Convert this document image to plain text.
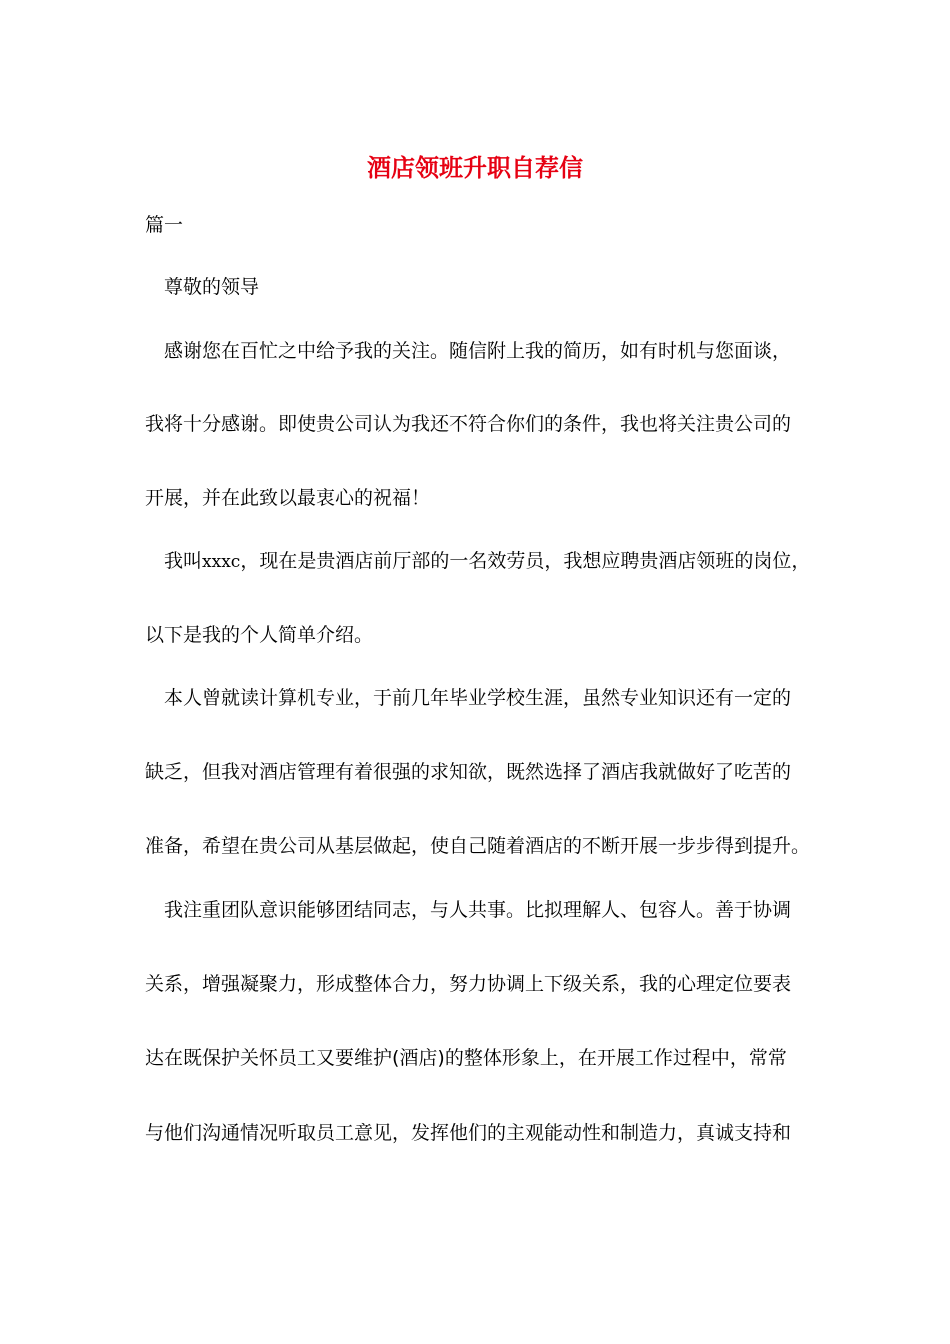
酒店领班升职自荐信
篇一
尊敬的领导
感谢您在百忙之中给予我的关注。随信附上我的简历，如有时机与您面谈，
我将十分感谢。即使贵公司认为我还不符合你们的条件，我也将关注贵公司的
开展，并在此致以最衷心的祝福！
我叫xxxc，现在是贵酒店前厅部的一名效劳员，我想应聘贵酒店领班的岗位，
以下是我的个人简单介绍。
本人曾就读计算机专业，于前几年毕业学校生涯，虽然专业知识还有一定的
缺乏，但我对酒店管理有着很强的求知欲，既然选择了酒店我就做好了吃苦的
准备，希望在贵公司从基层做起，使自己随着酒店的不断开展一步步得到提升。
我注重团队意识能够团结同志，与人共事。比拟理解人、包容人。善于协调
关系，增强凝聚力，形成整体合力，努力协调上下级关系，我的心理定位要表
达在既保护关怀员工又要维护(酒店)的整体形象上，在开展工作过程中，常常
与他们沟通情况听取员工意见，发挥他们的主观能动性和制造力，真诚支持和
